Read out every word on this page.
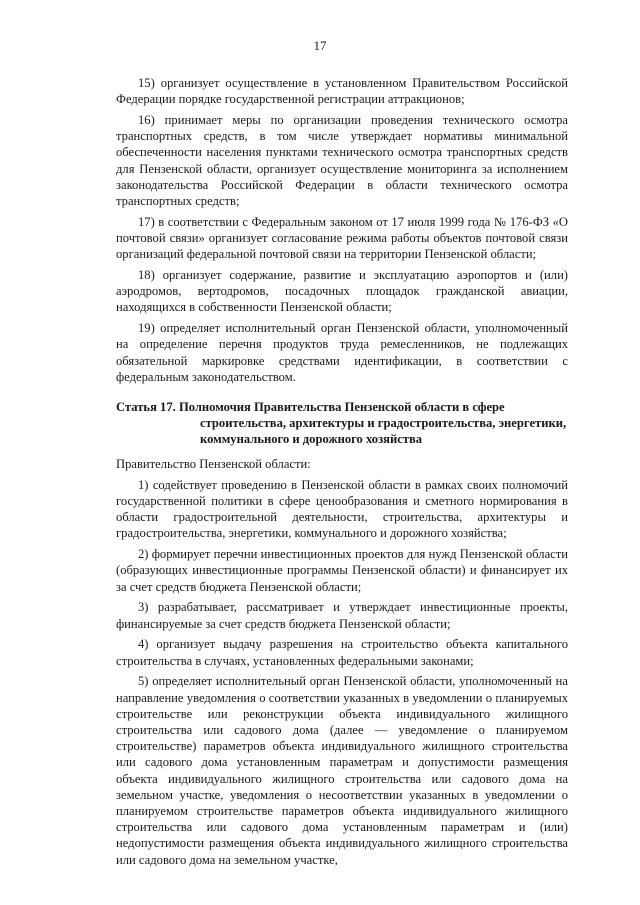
17

15) организует осуществление в установленном Правительством Российской Федерации порядке государственной регистрации аттракционов;

16) принимает меры по организации проведения технического осмотра транспортных средств, в том числе утверждает нормативы минимальной обеспеченности населения пунктами технического осмотра транспортных средств для Пензенской области, организует осуществление мониторинга за исполнением законодательства Российской Федерации в области технического осмотра транспортных средств;

17) в соответствии с Федеральным законом от 17 июля 1999 года № 176-ФЗ «О почтовой связи» организует согласование режима работы объектов почтовой связи организаций федеральной почтовой связи на территории Пензенской области;

18) организует содержание, развитие и эксплуатацию аэропортов и (или) аэродромов, вертодромов, посадочных площадок гражданской авиации, находящихся в собственности Пензенской области;

19) определяет исполнительный орган Пензенской области, уполномоченный на определение перечня продуктов труда ремесленников, не подлежащих обязательной маркировке средствами идентификации, в соответствии с федеральным законодательством.

Статья 17. Полномочия Правительства Пензенской области в сфере строительства, архитектуры и градостроительства, энергетики, коммунального и дорожного хозяйства

Правительство Пензенской области:

1) содействует проведению в Пензенской области в рамках своих полномочий государственной политики в сфере ценообразования и сметного нормирования в области градостроительной деятельности, строительства, архитектуры и градостроительства, энергетики, коммунального и дорожного хозяйства;

2) формирует перечни инвестиционных проектов для нужд Пензенской области (образующих инвестиционные программы Пензенской области) и финансирует их за счет средств бюджета Пензенской области;

3) разрабатывает, рассматривает и утверждает инвестиционные проекты, финансируемые за счет средств бюджета Пензенской области;

4) организует выдачу разрешения на строительство объекта капитального строительства в случаях, установленных федеральными законами;

5) определяет исполнительный орган Пензенской области, уполномоченный на направление уведомления о соответствии указанных в уведомлении о планируемых строительстве или реконструкции объекта индивидуального жилищного строительства или садового дома (далее — уведомление о планируемом строительстве) параметров объекта индивидуального жилищного строительства или садового дома установленным параметрам и допустимости размещения объекта индивидуального жилищного строительства или садового дома на земельном участке, уведомления о несоответствии указанных в уведомлении о планируемом строительстве параметров объекта индивидуального жилищного строительства или садового дома установленным параметрам и (или) недопустимости размещения объекта индивидуального жилищного строительства или садового дома на земельном участке,
